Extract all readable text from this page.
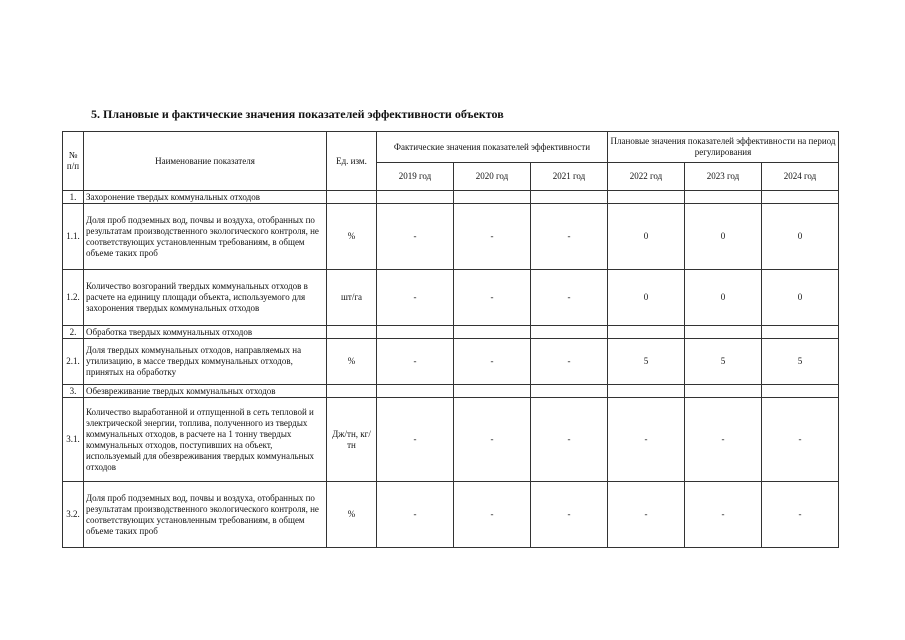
5. Плановые и фактические значения показателей эффективности объектов
№ п/п	Наименование показателя	Ед. изм.	Фактические значения показателей эффективности			Плановые значения показателей эффективности на период регулирования		
			2019 год	2020 год	2021 год	2022 год	2023 год	2024 год
1.	Захоронение твердых коммунальных отходов							
1.1.	Доля проб подземных вод, почвы и воздуха, отобранных по результатам производственного экологического контроля, не соответствующих установленным требованиям, в общем объеме таких проб	%	-	-	-	0	0	0
1.2.	Количество возгораний твердых коммунальных отходов в расчете на единицу площади объекта, используемого для захоронения твердых коммунальных отходов	шт/га	-	-	-	0	0	0
2.	Обработка твердых коммунальных отходов							
2.1.	Доля твердых коммунальных отходов, направляемых на утилизацию, в массе твердых коммунальных отходов, принятых на обработку	%	-	-	-	5	5	5
3.	Обезвреживание твердых коммунальных отходов							
3.1.	Количество выработанной и отпущенной в сеть тепловой и электрической энергии, топлива, полученного из твердых коммунальных отходов, в расчете на 1 тонну твердых коммунальных отходов, поступивших на объект, используемый для обезвреживания твердых коммунальных отходов	Дж/тн, кг/тн	-	-	-	-	-	-
3.2.	Доля проб подземных вод, почвы и воздуха, отобранных по результатам производственного экологического контроля, не соответствующих установленным требованиям, в общем объеме таких проб	%	-	-	-	-	-	-
